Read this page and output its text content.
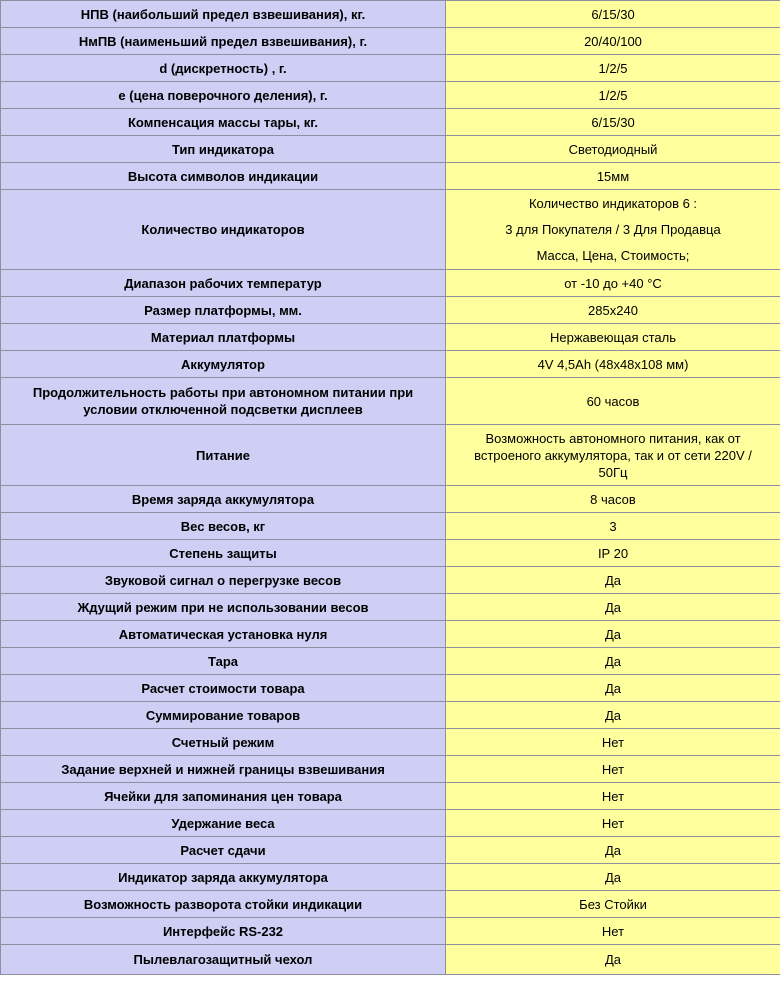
НПВ (наибольший предел взвешивания), кг.	6/15/30
НмПВ (наименьший предел взвешивания), г.	20/40/100
d (дискретность) , г.	1/2/5
е (цена поверочного деления), г.	1/2/5
Компенсация массы тары, кг.	6/15/30
Тип индикатора	Светодиодный
Высота символов индикации	15мм
Количество индикаторов	Количество индикаторов 6 :
3 для Покупателя / 3 Для Продавца
Масса, Цена, Стоимость;

Диапазон рабочих температур	от -10 до +40 °С
Размер платформы, мм.	285x240
Материал платформы	Нержавеющая сталь
Аккумулятор	4V 4,5Ah (48x48x108 мм)

Продолжительность работы при автономном питании при
условии отключенной подсветки дисплеев	60 часов
Питание	Возможность автономного питания, как от
встроеного аккумулятора, так и от сети 220V /
50Гц

Время заряда аккумулятора	8 часов
Вес весов, кг	3
Степень защиты	IP 20
Звуковой сигнал о перегрузке весов	Да
Ждущий режим при не использовании весов	Да
Автоматическая установка нуля	Да
Тара	Да
Расчет стоимости товара	Да
Суммирование товаров	Да
Счетный режим	Нет
Задание верхней и нижней границы взвешивания	Нет
Ячейки для запоминания цен товара	Нет
Удержание веса	Нет
Расчет сдачи	Да
Индикатор заряда аккумулятора	Да
Возможность разворота стойки индикации	Без Стойки
Интерфейс RS-232	Нет
Пылевлагозащитный чехол	Да
